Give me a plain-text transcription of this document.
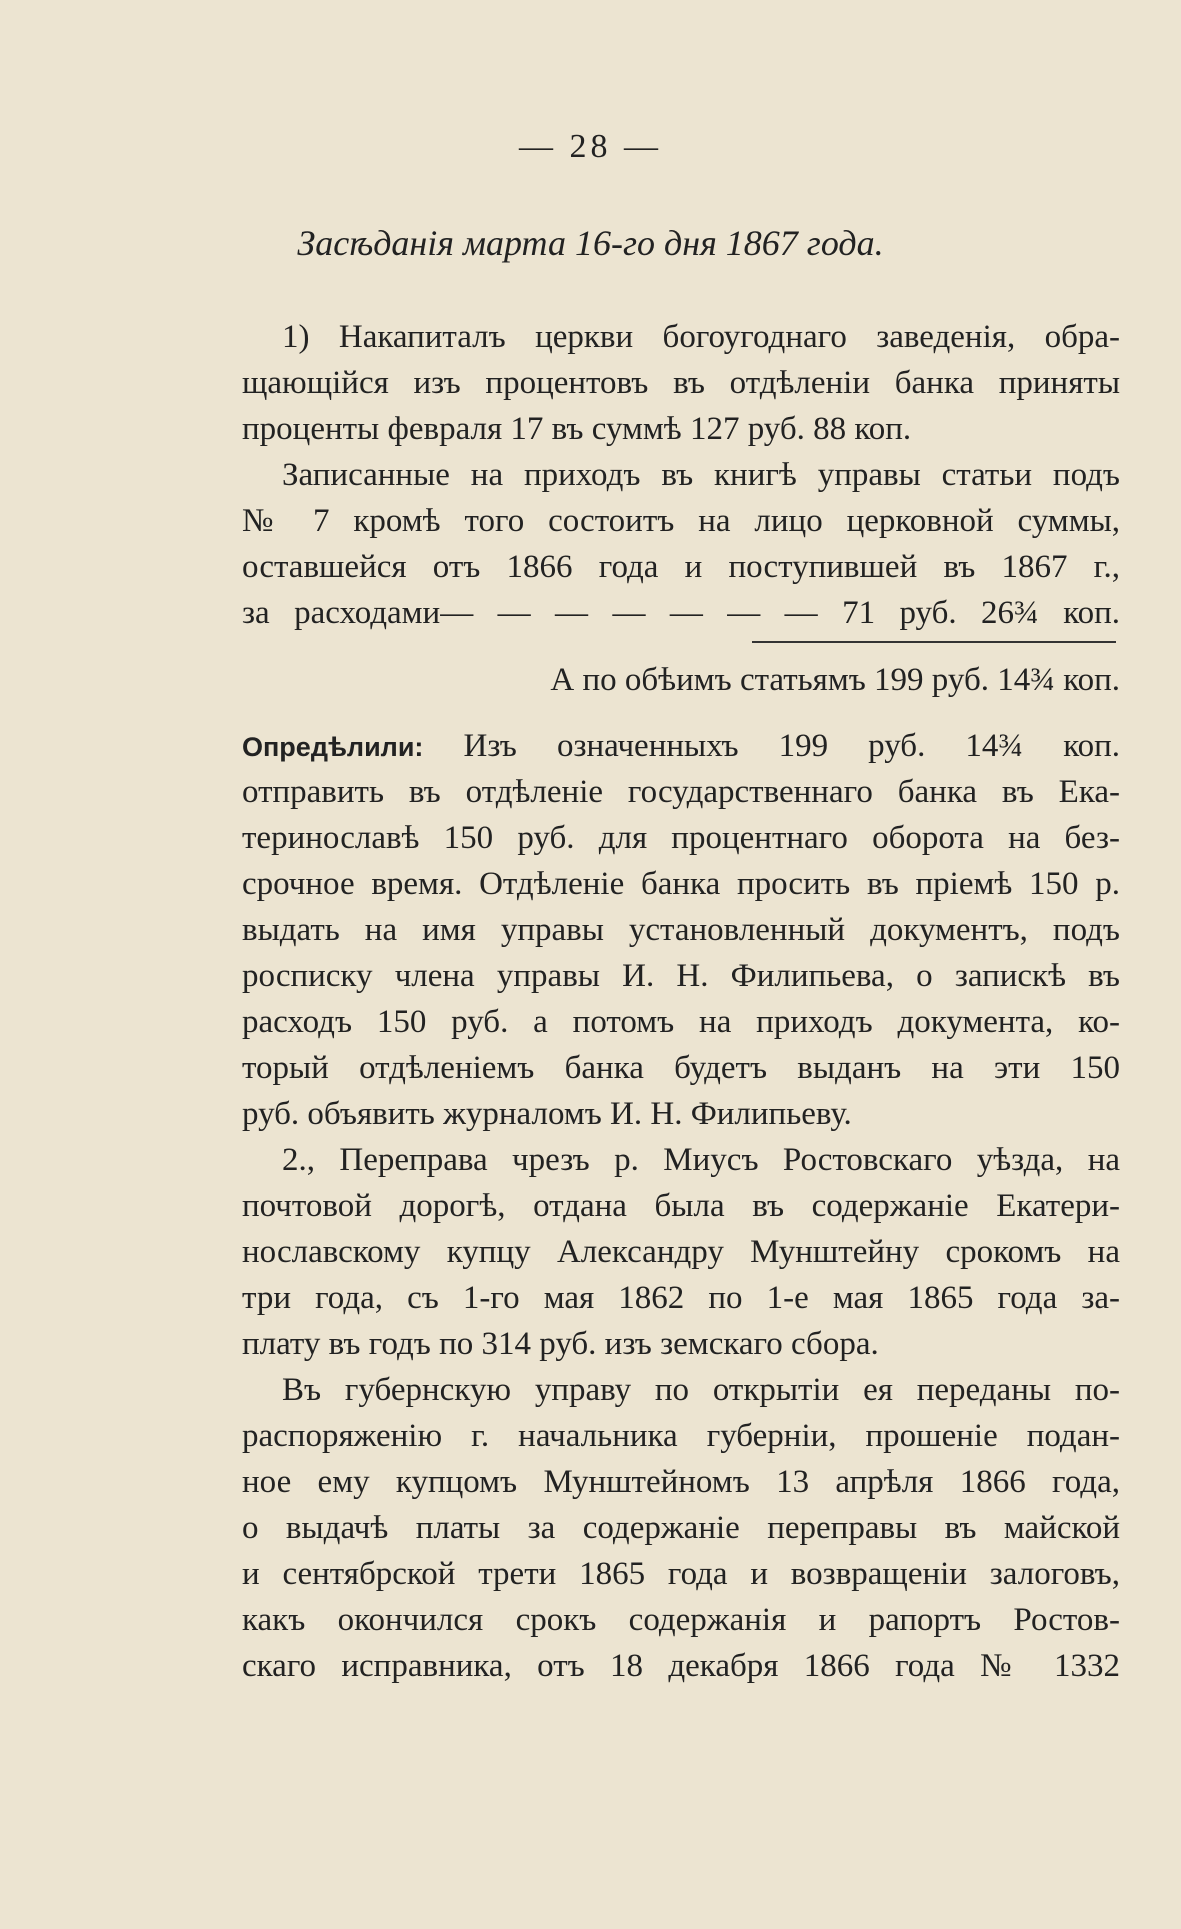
— 28 —
Засѣданія марта 16-го дня 1867 года.
1) Накапиталъ церкви богоугоднаго заведенія, обра-
щающійся изъ процентовъ въ отдѣленіи банка приняты
проценты февраля 17 въ суммѣ 127 руб. 88 коп.
Записанные на приходъ въ книгѣ управы статьи подъ
№ 7 кромѣ того состоитъ на лицо церковной суммы,
оставшейся отъ 1866 года и поступившей въ 1867 г.,
за расходами— — — — — — — 71 руб. 26¾ коп.
А по обѣимъ статьямъ 199 руб. 14¾ коп.
Опредѣлили: Изъ означенныхъ 199 руб. 14¾ коп.
отправить въ отдѣленіе государственнаго банка въ Ека-
теринославѣ 150 руб. для процентнаго оборота на без-
срочное время. Отдѣленіе банка просить въ пріемѣ 150 р.
выдать на имя управы установленный документъ, подъ
росписку члена управы И. Н. Филипьева, о запискѣ въ
расходъ 150 руб. а потомъ на приходъ документа, ко-
торый отдѣленіемъ банка будетъ выданъ на эти 150
руб. объявить журналомъ И. Н. Филипьеву.
2., Переправа чрезъ р. Миусъ Ростовскаго уѣзда, на
почтовой дорогѣ, отдана была въ содержаніе Екатери-
нославскому купцу Александру Мунштейну срокомъ на
три года, съ 1-го мая 1862 по 1-е мая 1865 года за-
плату въ годъ по 314 руб. изъ земскаго сбора.
Въ губернскую управу по открытіи ея переданы по-
распоряженію г. начальника губерніи, прошеніе подан-
ное ему купцомъ Мунштейномъ 13 апрѣля 1866 года,
о выдачѣ платы за содержаніе переправы въ майской
и сентябрской трети 1865 года и возвращеніи залоговъ,
какъ окончился срокъ содержанія и рапортъ Ростов-
скаго исправника, отъ 18 декабря 1866 года № 1332
